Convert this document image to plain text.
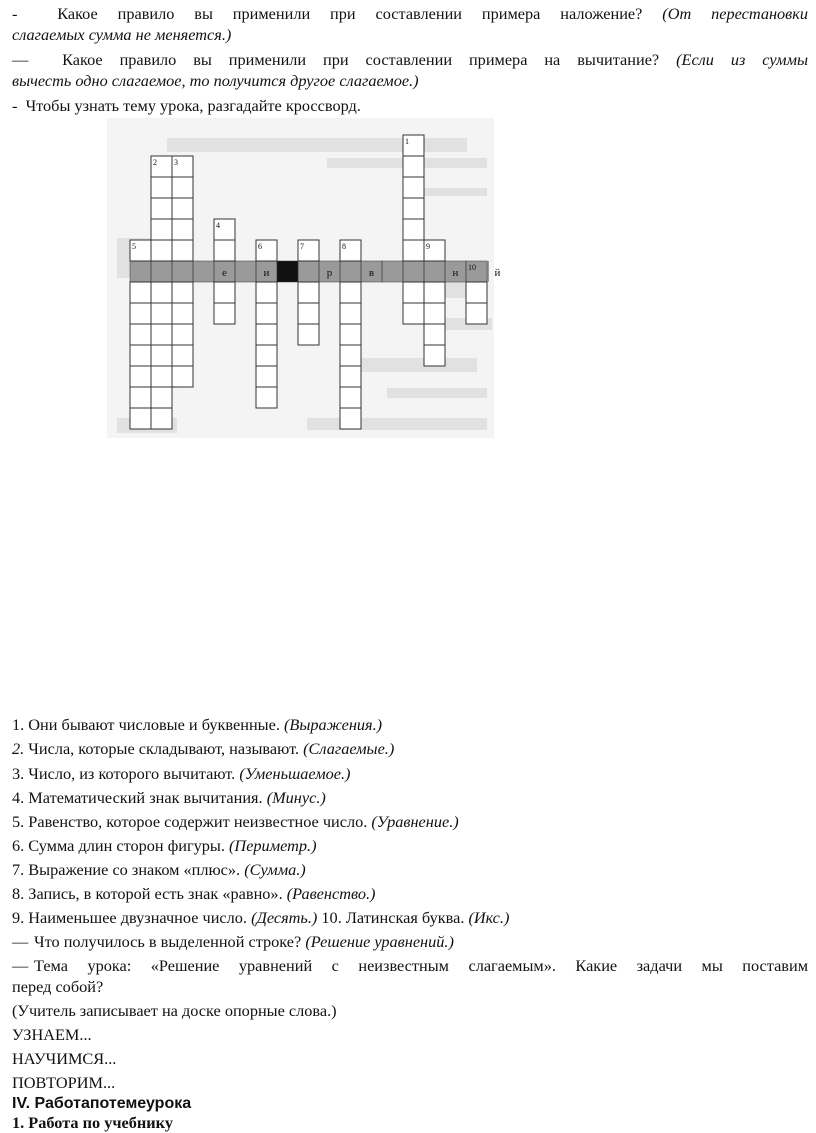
- Какое правило вы применили при составлении примера наложение? (От перестановки
слагаемых сумма не меняется.)
— Какое правило вы применили при составлении примера на вычитание? (Если из суммы
вычесть одно слагаемое, то получится другое слагаемое.)
- Чтобы узнать тему урока, разгадайте кроссворд.
2 3
4
5	6	7	8
1
9
10
е	и	р	в	н	й
1. Они бывают числовые и буквенные. (Выражения.)
2. Числа, которые складывают, называют. (Слагаемые.)
3. Число, из которого вычитают. (Уменьшаемое.)
4. Математический знак вычитания. (Минус.)
5. Равенство, которое содержит неизвестное число. (Уравнение.)
6. Сумма длин сторон фигуры. (Периметр.)
7. Выражение со знаком «плюс». (Сумма.)
8. Запись, в которой есть знак «равно». (Равенство.)
9. Наименьшее двузначное число. (Десять.) 10. Латинская буква. (Икс.)
— Что получилось в выделенной строке? (Решение уравнений.)
— Тема урока: «Решение уравнений с неизвестным слагаемым». Какие задачи мы поставим
перед собой?
(Учитель записывает на доске опорные слова.)
УЗНАЕМ...
НАУЧИМСЯ...
ПОВТОРИМ...
IV. Работапотемеурока
1. Работа по учебнику
